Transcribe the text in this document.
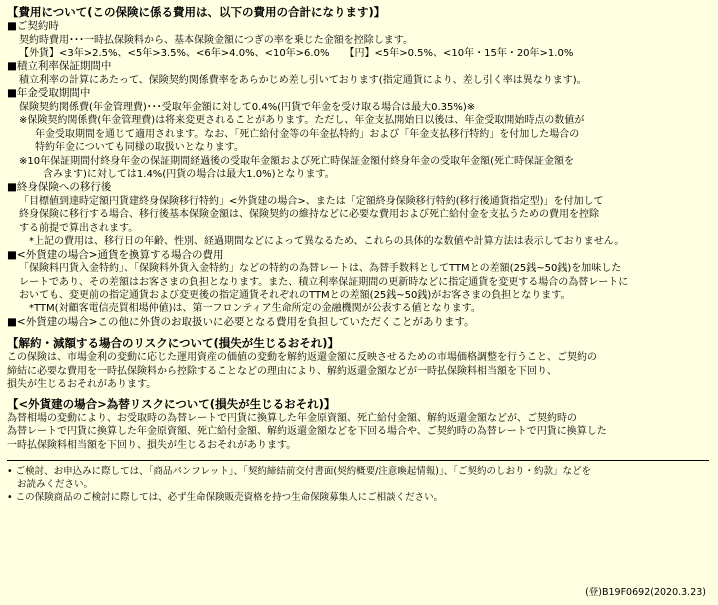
【費用について(この保険に係る費用は、以下の費用の合計になります)】
■ご契約時
契約時費用･･･一時払保険料から、基本保険金額につぎの率を乗じた金額を控除します。
【外貨】<3年>2.5%、<5年>3.5%、<6年>4.0%、<10年>6.0%　　【円】<5年>0.5%、<10年・15年・20年>1.0%
■積立利率保証期間中
積立利率の計算にあたって、保険契約関係費率をあらかじめ差し引いております(指定通貨により、差し引く率は異なります)。
■年金受取期間中
保険契約関係費(年金管理費)･･･受取年金額に対して0.4%(円貨で年金を受け取る場合は最大0.35%)※
※保険契約関係費(年金管理費)は将来変更されることがあります。ただし、年金支払開始日以後は、年金受取開始時点の数値が
年金受取期間を通じて適用されます。なお、「死亡給付金等の年金払特約」および「年金支払移行特約」を付加した場合の
特約年金についても同様の取扱いとなります。
※10年保証期間付終身年金の保証期間経過後の受取年金額および死亡時保証金額付終身年金の受取年金額(死亡時保証金額を
含みます)に対しては1.4%(円貨の場合は最大1.0%)となります。
■終身保険への移行後
「目標値到達時定額円貨建終身保険移行特約」<外貨建の場合>、または「定額終身保険移行特約(移行後通貨指定型)」を付加して
終身保険に移行する場合、移行後基本保険金額は、保険契約の維持などに必要な費用および死亡給付金を支払うための費用を控除
する前提で算出されます。
*上記の費用は、移行日の年齢、性別、経過期間などによって異なるため、これらの具体的な数値や計算方法は表示しておりません。
■<外貨建の場合>通貨を換算する場合の費用
「保険料円貨入金特約」、「保険料外貨入金特約」などの特約の為替レートは、為替手数料としてTTMとの差額(25銭~50銭)を加味した
レートであり、その差額はお客さまの負担となります。また、積立利率保証期間の更新時などに指定通貨を変更する場合の為替レートに
おいても、変更前の指定通貨および変更後の指定通貨それぞれのTTMとの差額(25銭~50銭)がお客さまの負担となります。
*TTM(対顧客電信売買相場仲値)は、第一フロンティア生命所定の金融機関が公表する値となります。
■<外貨建の場合>この他に外貨のお取扱いに必要となる費用を負担していただくことがあります。
【解約・減額する場合のリスクについて(損失が生じるおそれ)】
この保険は、市場金利の変動に応じた運用資産の価値の変動を解約返還金額に反映させるための市場価格調整を行うこと、ご契約の
締結に必要な費用を一時払保険料から控除することなどの理由により、解約返還金額などが一時払保険料相当額を下回り、
損失が生じるおそれがあります。
【<外貨建の場合>為替リスクについて(損失が生じるおそれ)】
為替相場の変動により、お受取時の為替レートで円貨に換算した年金原資額、死亡給付金額、解約返還金額などが、ご契約時の
為替レートで円貨に換算した年金原資額、死亡給付金額、解約返還金額などを下回る場合や、ご契約時の為替レートで円貨に換算した
一時払保険料相当額を下回り、損失が生じるおそれがあります。
• ご検討、お申込みに際しては、「商品パンフレット」、「契約締結前交付書面(契約概要/注意喚起情報)」、「ご契約のしおり・約款」などを
お読みください。
• この保険商品のご検討に際しては、必ず生命保険販売資格を持つ生命保険募集人にご相談ください。
(登)B19F0692(2020.3.23)
